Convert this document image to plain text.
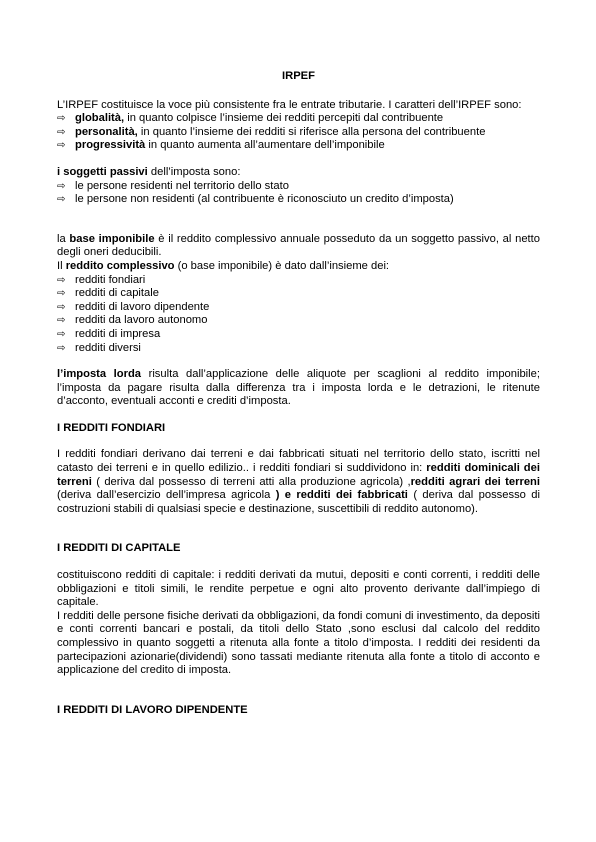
IRPEF

L’IRPEF costituisce la voce più consistente fra le entrate tributarie. I caratteri dell’IRPEF sono:

⇨ globalità, in quanto colpisce l’insieme dei redditi percepiti dal contribuente
⇨ personalità, in quanto l’insieme dei redditi si riferisce alla persona del contribuente
⇨ progressività in quanto aumenta all’aumentare dell’imponibile

i soggetti passivi dell’imposta sono:

⇨ le persone residenti nel territorio dello stato
⇨ le persone non residenti (al contribuente è riconosciuto un credito d’imposta)

la base imponibile è il reddito complessivo annuale posseduto da un soggetto passivo, al netto degli oneri deducibili.

Il reddito complessivo (o base imponibile) è dato dall’insieme dei:

⇨ redditi fondiari
⇨ redditi di capitale
⇨ redditi di lavoro dipendente
⇨ redditi da lavoro autonomo
⇨ redditi di impresa
⇨ redditi diversi

l’imposta lorda risulta dall’applicazione delle aliquote per scaglioni al reddito imponibile; l’imposta da pagare risulta dalla differenza tra i imposta lorda e le detrazioni, le ritenute d’acconto, eventuali acconti e crediti d’imposta.

I REDDITI FONDIARI

I redditi fondiari derivano dai terreni e dai fabbricati situati nel territorio dello stato, iscritti nel catasto dei terreni e in quello edilizio.. i redditi fondiari si suddividono in: redditi dominicali dei terreni ( deriva dal possesso di terreni atti alla produzione agricola) ,redditi agrari dei terreni (deriva dall’esercizio dell’impresa agricola ) e redditi dei fabbricati ( deriva dal possesso di costruzioni stabili di qualsiasi specie e destinazione, suscettibili di reddito autonomo).

I REDDITI DI CAPITALE

costituiscono redditi di capitale: i redditi derivati da mutui, depositi e conti correnti, i redditi delle obbligazioni e titoli simili, le rendite perpetue e ogni alto provento derivante dall’impiego di capitale.

I redditi delle persone fisiche derivati da obbligazioni, da fondi comuni di investimento, da depositi e conti correnti bancari e postali, da titoli dello Stato ,sono esclusi dal calcolo del reddito complessivo in quanto soggetti a ritenuta alla fonte a titolo d’imposta. I redditi dei residenti da partecipazioni azionarie(dividendi) sono tassati mediante ritenuta alla fonte a titolo di acconto e applicazione del credito di imposta.

I REDDITI DI LAVORO DIPENDENTE
